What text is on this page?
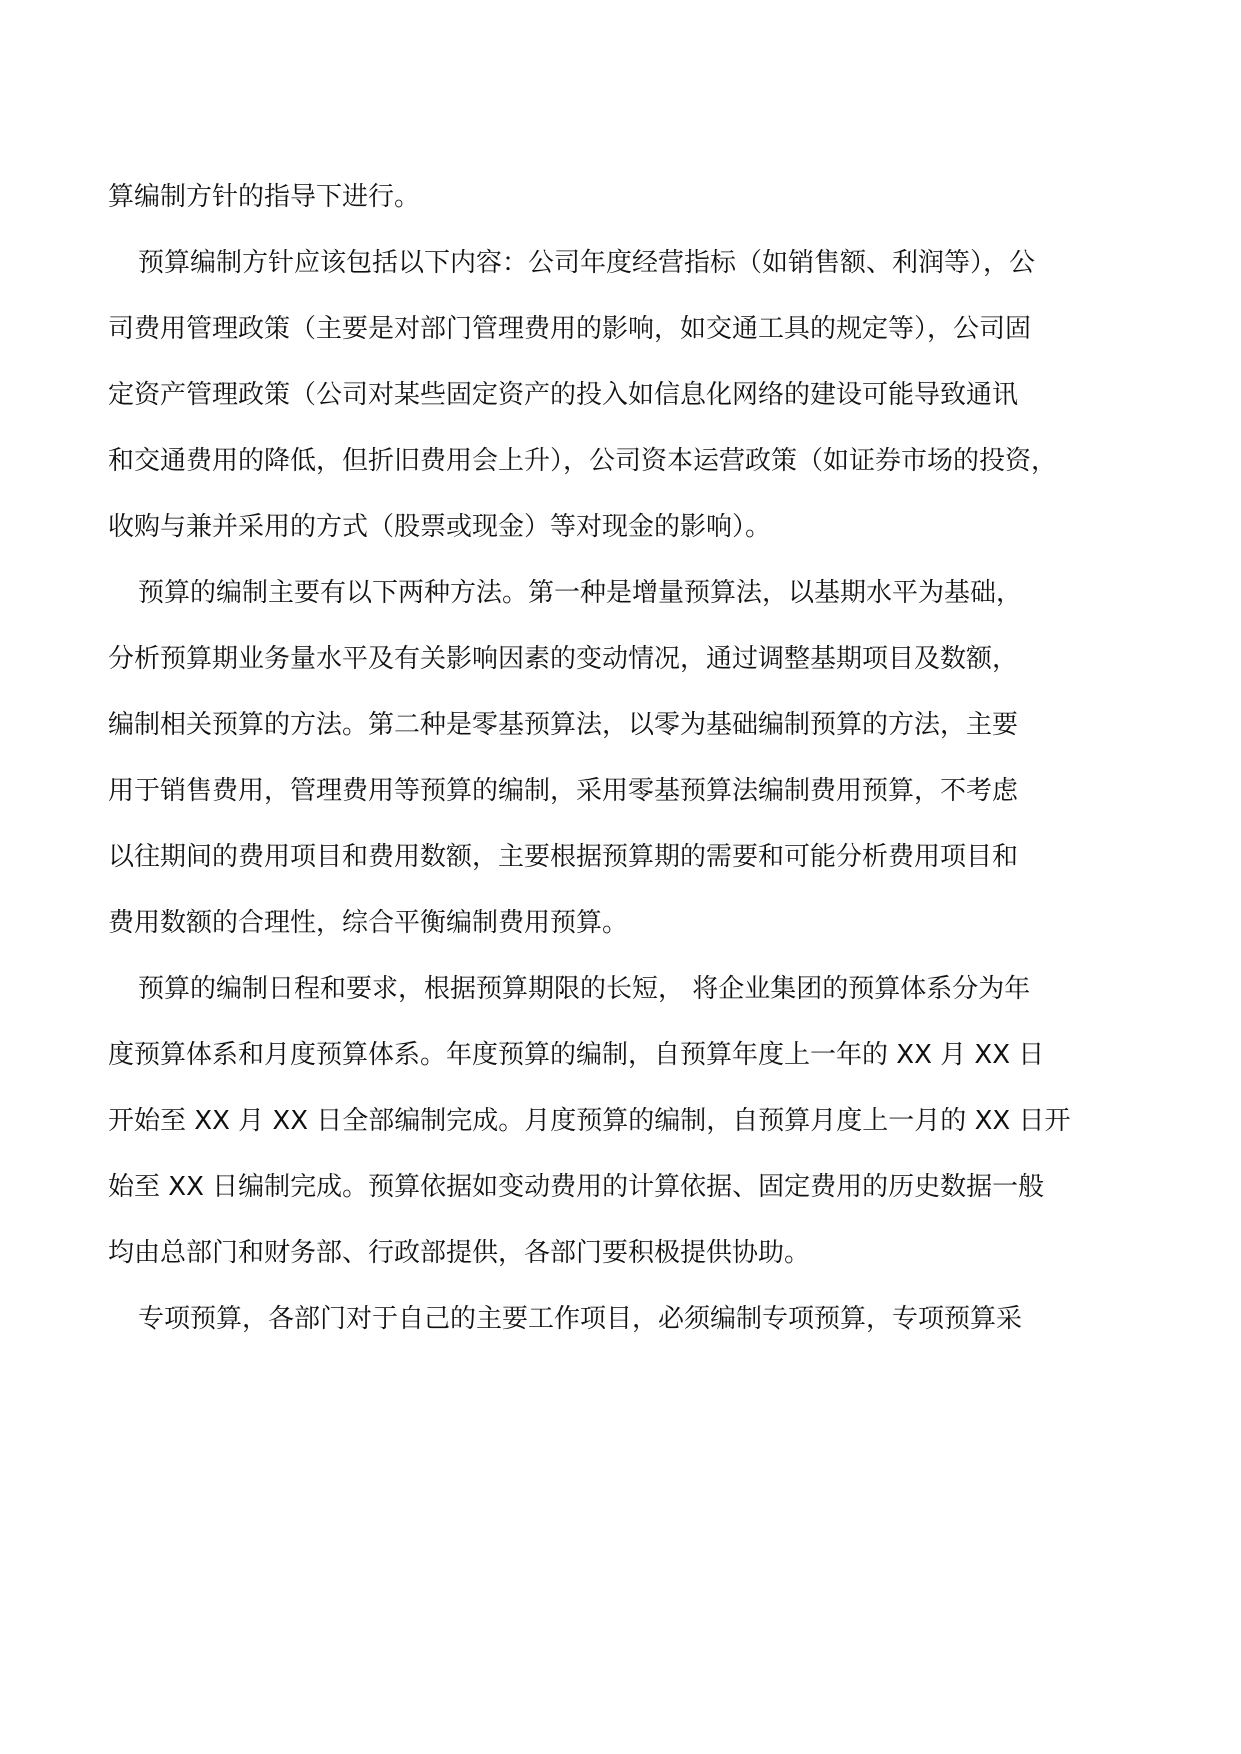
算编制方针的指导下进行。
预算编制方针应该包括以下内容：公司年度经营指标（如销售额、利润等），公
司费用管理政策（主要是对部门管理费用的影响，如交通工具的规定等），公司固
定资产管理政策（公司对某些固定资产的投入如信息化网络的建设可能导致通讯
和交通费用的降低，但折旧费用会上升），公司资本运营政策（如证券市场的投资，
收购与兼并采用的方式（股票或现金）等对现金的影响）。
预算的编制主要有以下两种方法。第一种是增量预算法，以基期水平为基础，
分析预算期业务量水平及有关影响因素的变动情况，通过调整基期项目及数额，
编制相关预算的方法。第二种是零基预算法，以零为基础编制预算的方法，主要
用于销售费用，管理费用等预算的编制，采用零基预算法编制费用预算，不考虑
以往期间的费用项目和费用数额，主要根据预算期的需要和可能分析费用项目和
费用数额的合理性，综合平衡编制费用预算。
预算的编制日程和要求，根据预算期限的长短， 将企业集团的预算体系分为年
度预算体系和月度预算体系。年度预算的编制，自预算年度上一年的 XX 月 XX 日
开始至 XX 月 XX 日全部编制完成。月度预算的编制，自预算月度上一月的 XX 日开
始至 XX 日编制完成。预算依据如变动费用的计算依据、固定费用的历史数据一般
均由总部门和财务部、行政部提供，各部门要积极提供协助。
专项预算，各部门对于自己的主要工作项目，必须编制专项预算，专项预算采
